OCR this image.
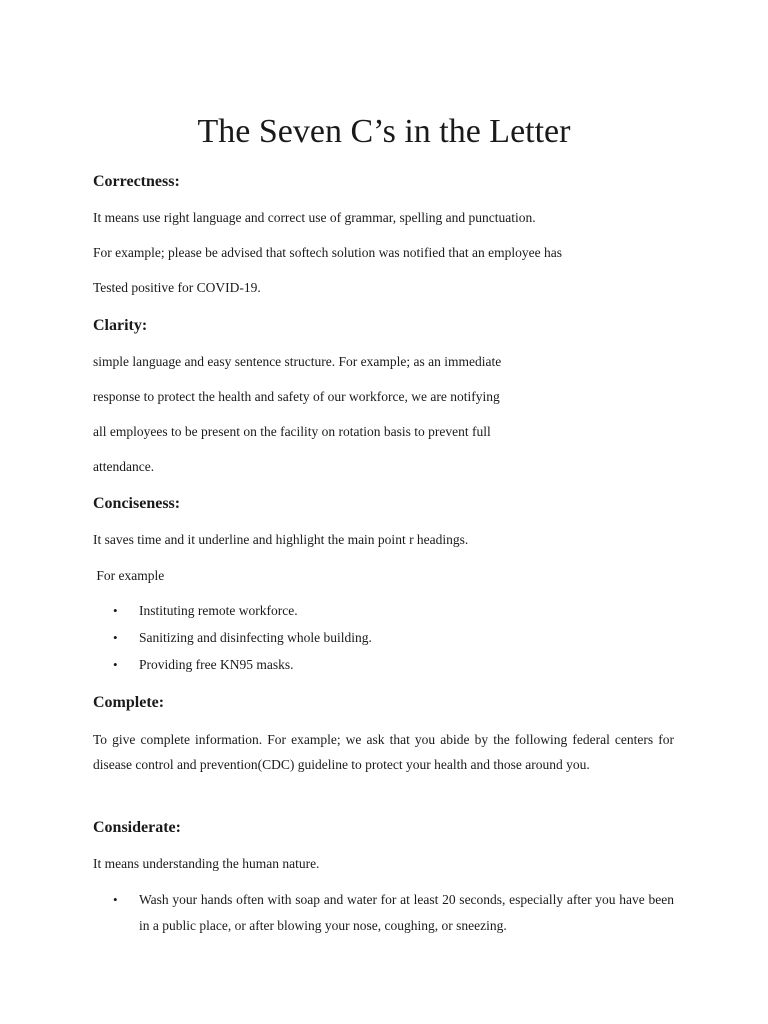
The Seven C’s in the Letter
Correctness:

It means use right language and correct use of grammar, spelling and punctuation.

For example; please be advised that softech solution was notified that an employee has

Tested positive for COVID-19.

Clarity:

simple language and easy sentence structure. For example; as an immediate

response to protect the health and safety of our workforce, we are notifying

all employees to be present on the facility on rotation basis to prevent full

attendance.

Conciseness:

It saves time and it underline and highlight the main point r headings.

For example

• Instituting remote workforce.
• Sanitizing and disinfecting whole building.
• Providing free KN95 masks.
Complete:

To give complete information. For example; we ask that you abide by the following federal centers for disease control and prevention(CDC) guideline to protect your health and those around you.

Considerate:

It means understanding the human nature.

• Wash your hands often with soap and water for at least 20 seconds, especially after you have been in a public place, or after blowing your nose, coughing, or sneezing.
